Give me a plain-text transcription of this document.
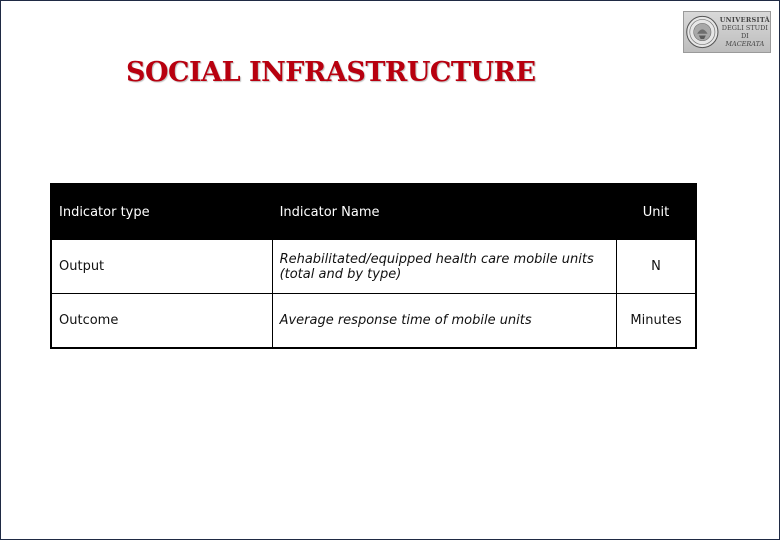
SOCIAL INFRASTRUCTURE
UNIVERSITÀ
DEGLI STUDI DI
MACERATA
Indicator type	Indicator Name	Unit
Output	Rehabilitated/equipped health care mobile units (total and by type)	N
Outcome	Average response time of mobile units	Minutes
